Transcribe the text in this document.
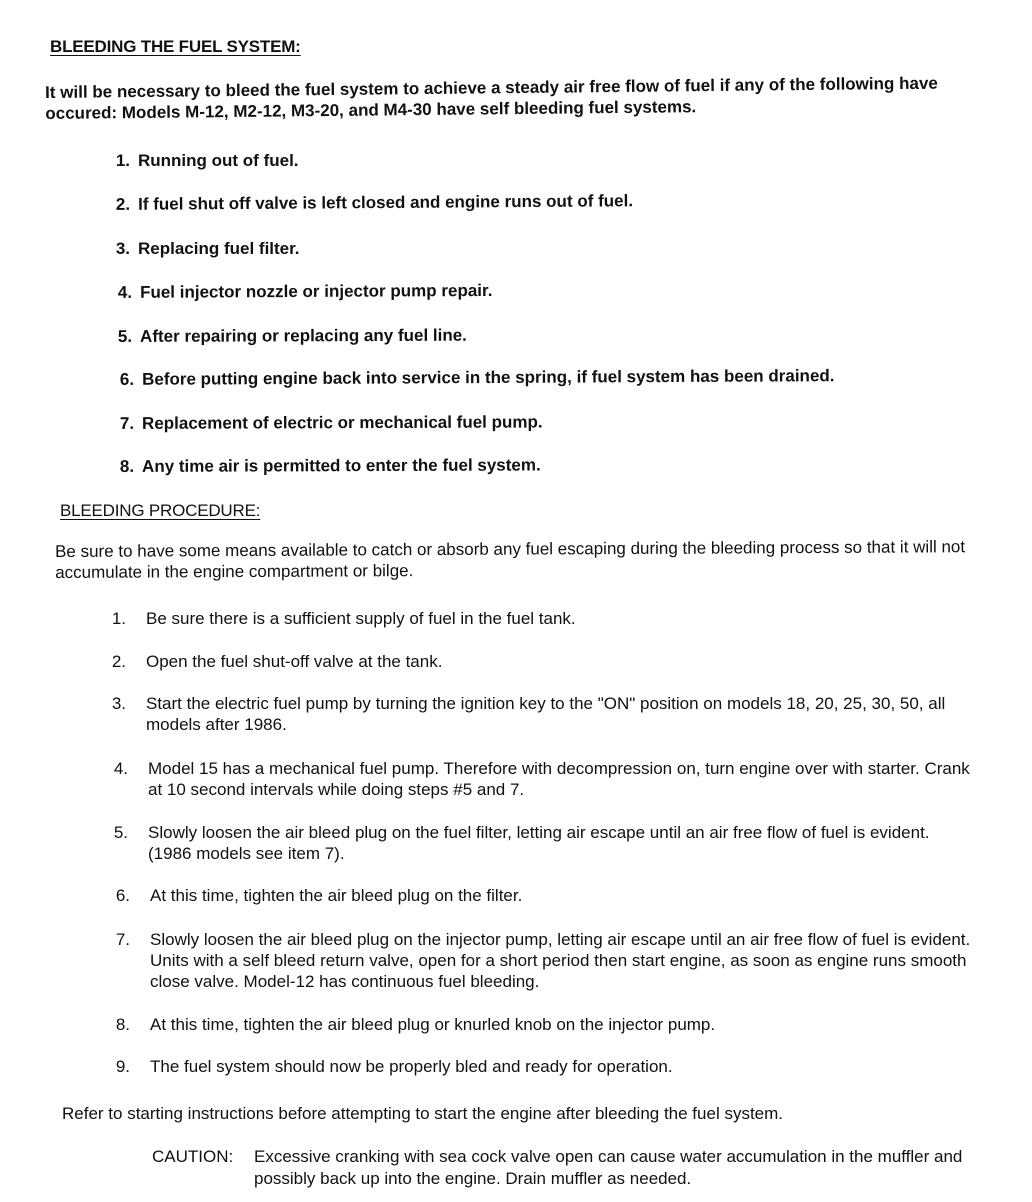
BLEEDING THE FUEL SYSTEM:
It will be necessary to bleed the fuel system to achieve a steady air free flow of fuel if any of the following have occured: Models M-12, M2-12, M3-20, and M4-30 have self bleeding fuel systems.
1. Running out of fuel.
2. If fuel shut off valve is left closed and engine runs out of fuel.
3. Replacing fuel filter.
4. Fuel injector nozzle or injector pump repair.
5. After repairing or replacing any fuel line.
6. Before putting engine back into service in the spring, if fuel system has been drained.
7. Replacement of electric or mechanical fuel pump.
8. Any time air is permitted to enter the fuel system.
BLEEDING PROCEDURE:
Be sure to have some means available to catch or absorb any fuel escaping during the bleeding process so that it will not accumulate in the engine compartment or bilge.
1. Be sure there is a sufficient supply of fuel in the fuel tank.
2. Open the fuel shut-off valve at the tank.
3. Start the electric fuel pump by turning the ignition key to the "ON" position on models 18, 20, 25, 30, 50, all models after 1986.
4. Model 15 has a mechanical fuel pump. Therefore with decompression on, turn engine over with starter. Crank at 10 second intervals while doing steps #5 and 7.
5. Slowly loosen the air bleed plug on the fuel filter, letting air escape until an air free flow of fuel is evident. (1986 models see item 7).
6. At this time, tighten the air bleed plug on the filter.
7. Slowly loosen the air bleed plug on the injector pump, letting air escape until an air free flow of fuel is evident. Units with a self bleed return valve, open for a short period then start engine, as soon as engine runs smooth close valve. Model-12 has continuous fuel bleeding.
8. At this time, tighten the air bleed plug or knurled knob on the injector pump.
9. The fuel system should now be properly bled and ready for operation.
Refer to starting instructions before attempting to start the engine after bleeding the fuel system.
CAUTION: Excessive cranking with sea cock valve open can cause water accumulation in the muffler and possibly back up into the engine. Drain muffler as needed.
